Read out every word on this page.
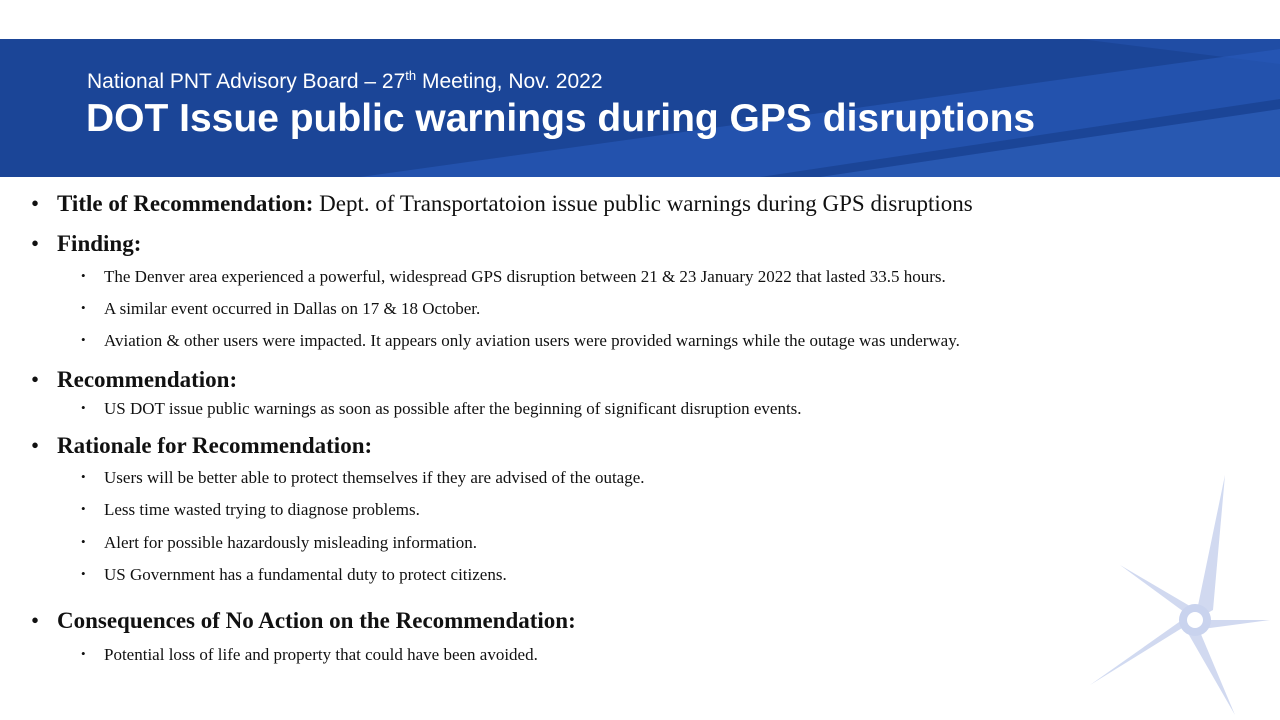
National PNT Advisory Board – 27th Meeting, Nov. 2022
DOT Issue public warnings during GPS disruptions
• Title of Recommendation: Dept. of Transportatoion issue public warnings during GPS disruptions
• Finding:
• The Denver area experienced a powerful, widespread GPS disruption between 21 & 23 January 2022 that lasted 33.5 hours.
• A similar event occurred in Dallas on 17 & 18 October.
• Aviation & other users were impacted. It appears only aviation users were provided warnings while the outage was underway.
• Recommendation:
• US DOT issue public warnings as soon as possible after the beginning of significant disruption events.
• Rationale for Recommendation:
• Users will be better able to protect themselves if they are advised of the outage.
• Less time wasted trying to diagnose problems.
• Alert for possible hazardously misleading information.
• US Government has a fundamental duty to protect citizens.
• Consequences of No Action on the Recommendation:
• Potential loss of life and property that could have been avoided.
